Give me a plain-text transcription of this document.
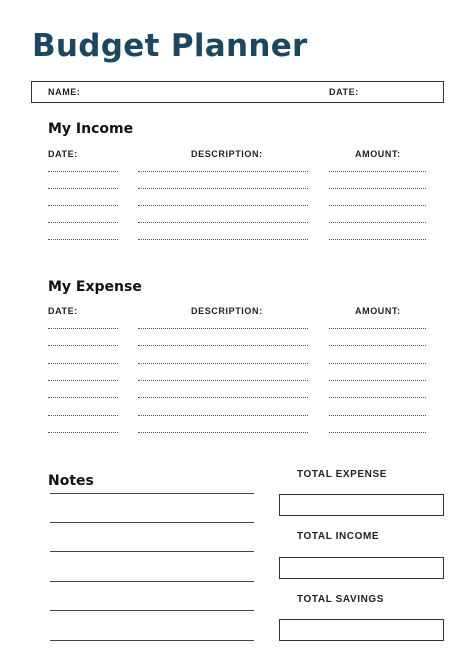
Budget Planner
NAME:	DATE:
My Income
DATE:	DESCRIPTION:	AMOUNT:
My Expense
DATE:	DESCRIPTION:	AMOUNT:
Notes	TOTAL EXPENSE
TOTAL INCOME
TOTAL SAVINGS
